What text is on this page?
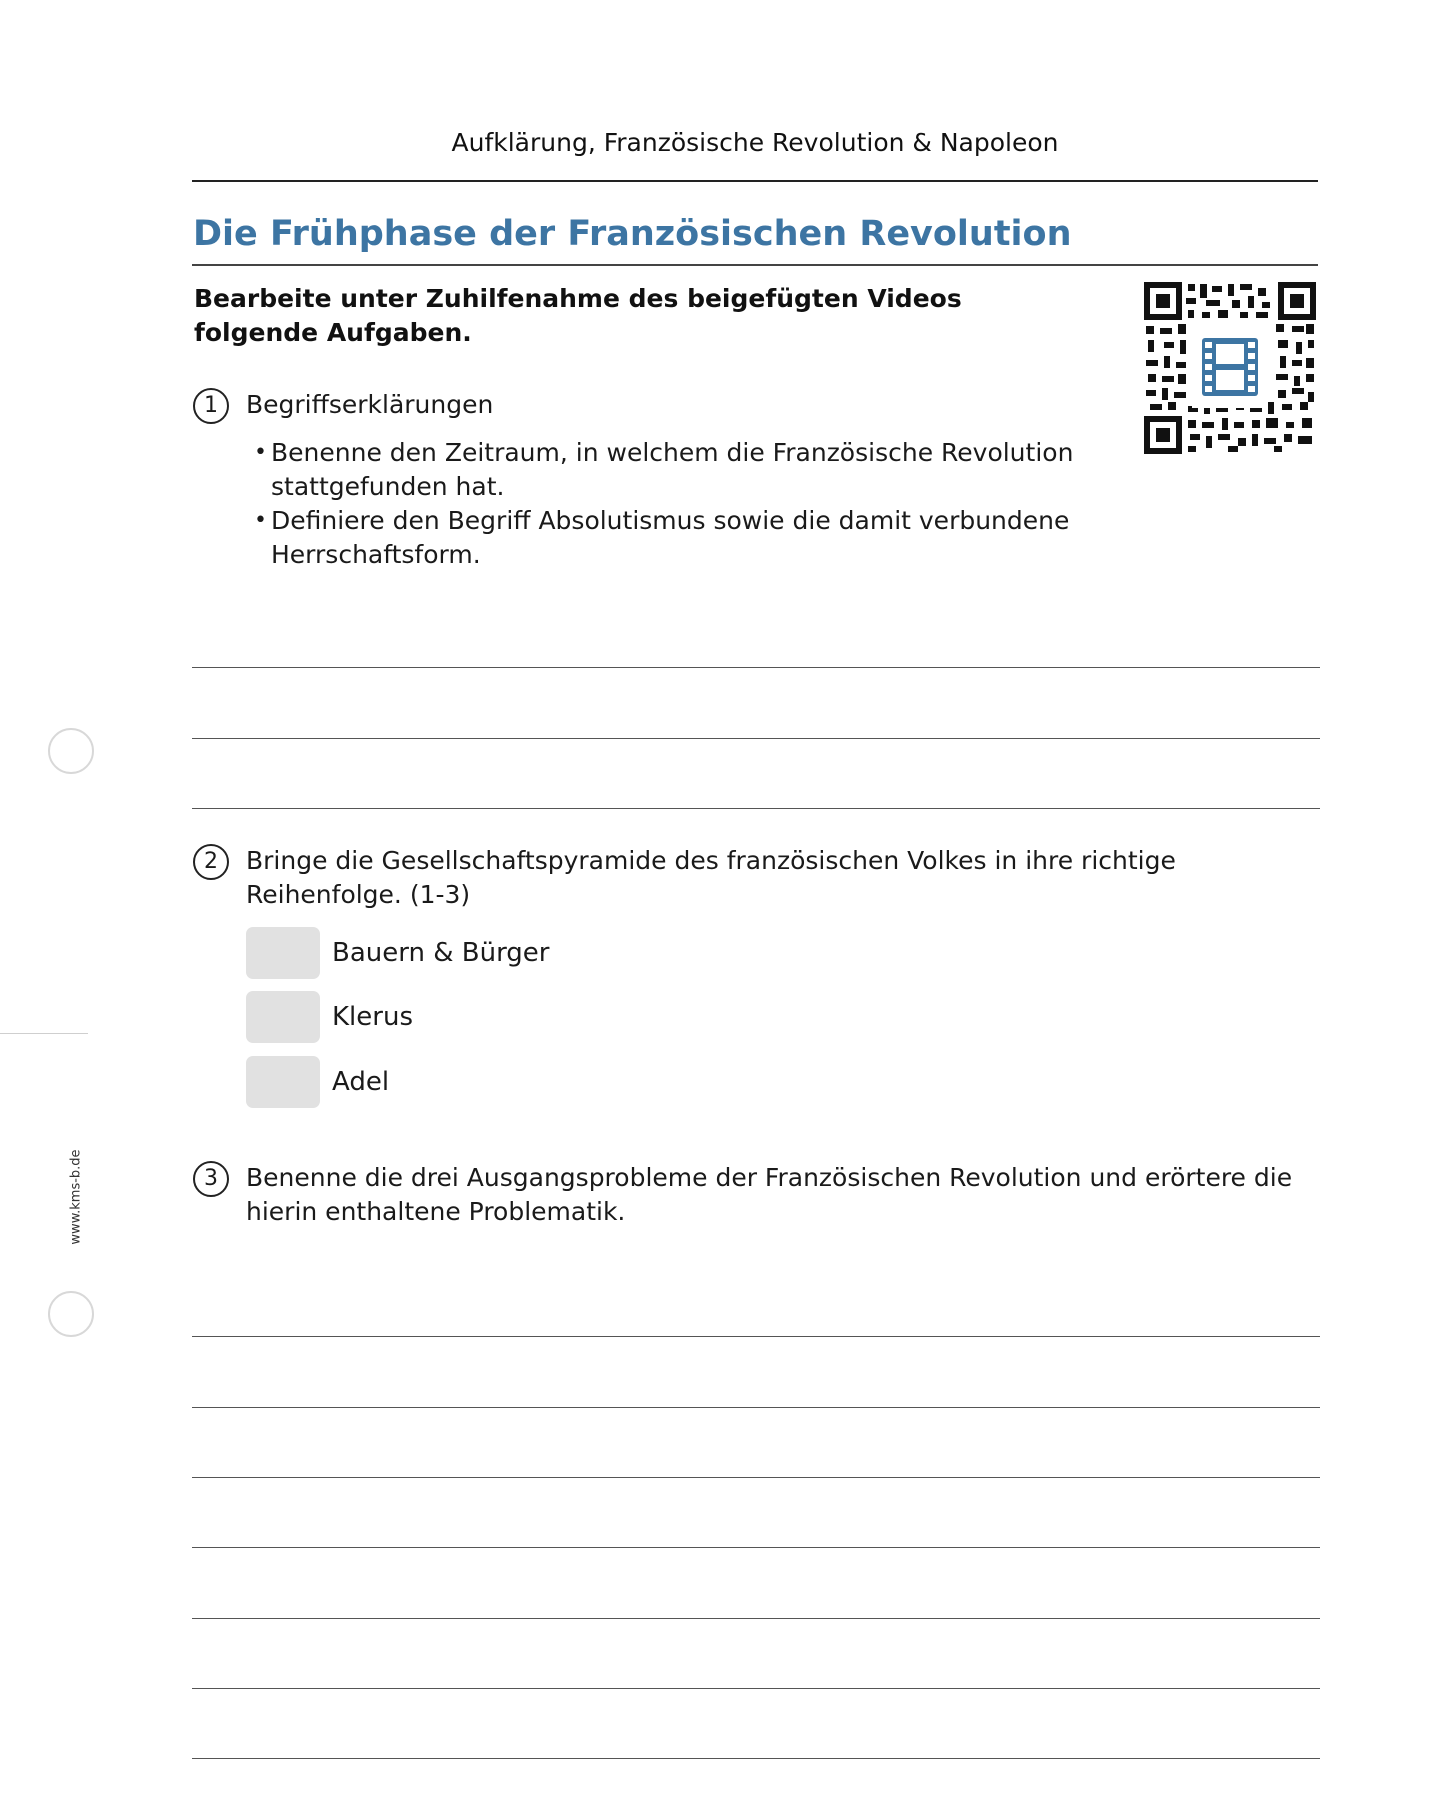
Aufklärung, Französische Revolution & Napoleon
Die Frühphase der Französischen Revolution
Bearbeite unter Zuhilfenahme des beigefügten Videos folgende Aufgaben.
1	Begriffserklärungen
• Benenne den Zeitraum, in welchem die Französische Revolution stattgefunden hat.
• Definiere den Begriff Absolutismus sowie die damit verbundene Herrschaftsform.
2	Bringe die Gesellschaftspyramide des französischen Volkes in ihre richtige Reihenfolge. (1-3)
Bauern & Bürger
Klerus
Adel
3	Benenne die drei Ausgangsprobleme der Französischen Revolution und erörtere die hierin enthaltene Problematik.
www.kms-b.de
